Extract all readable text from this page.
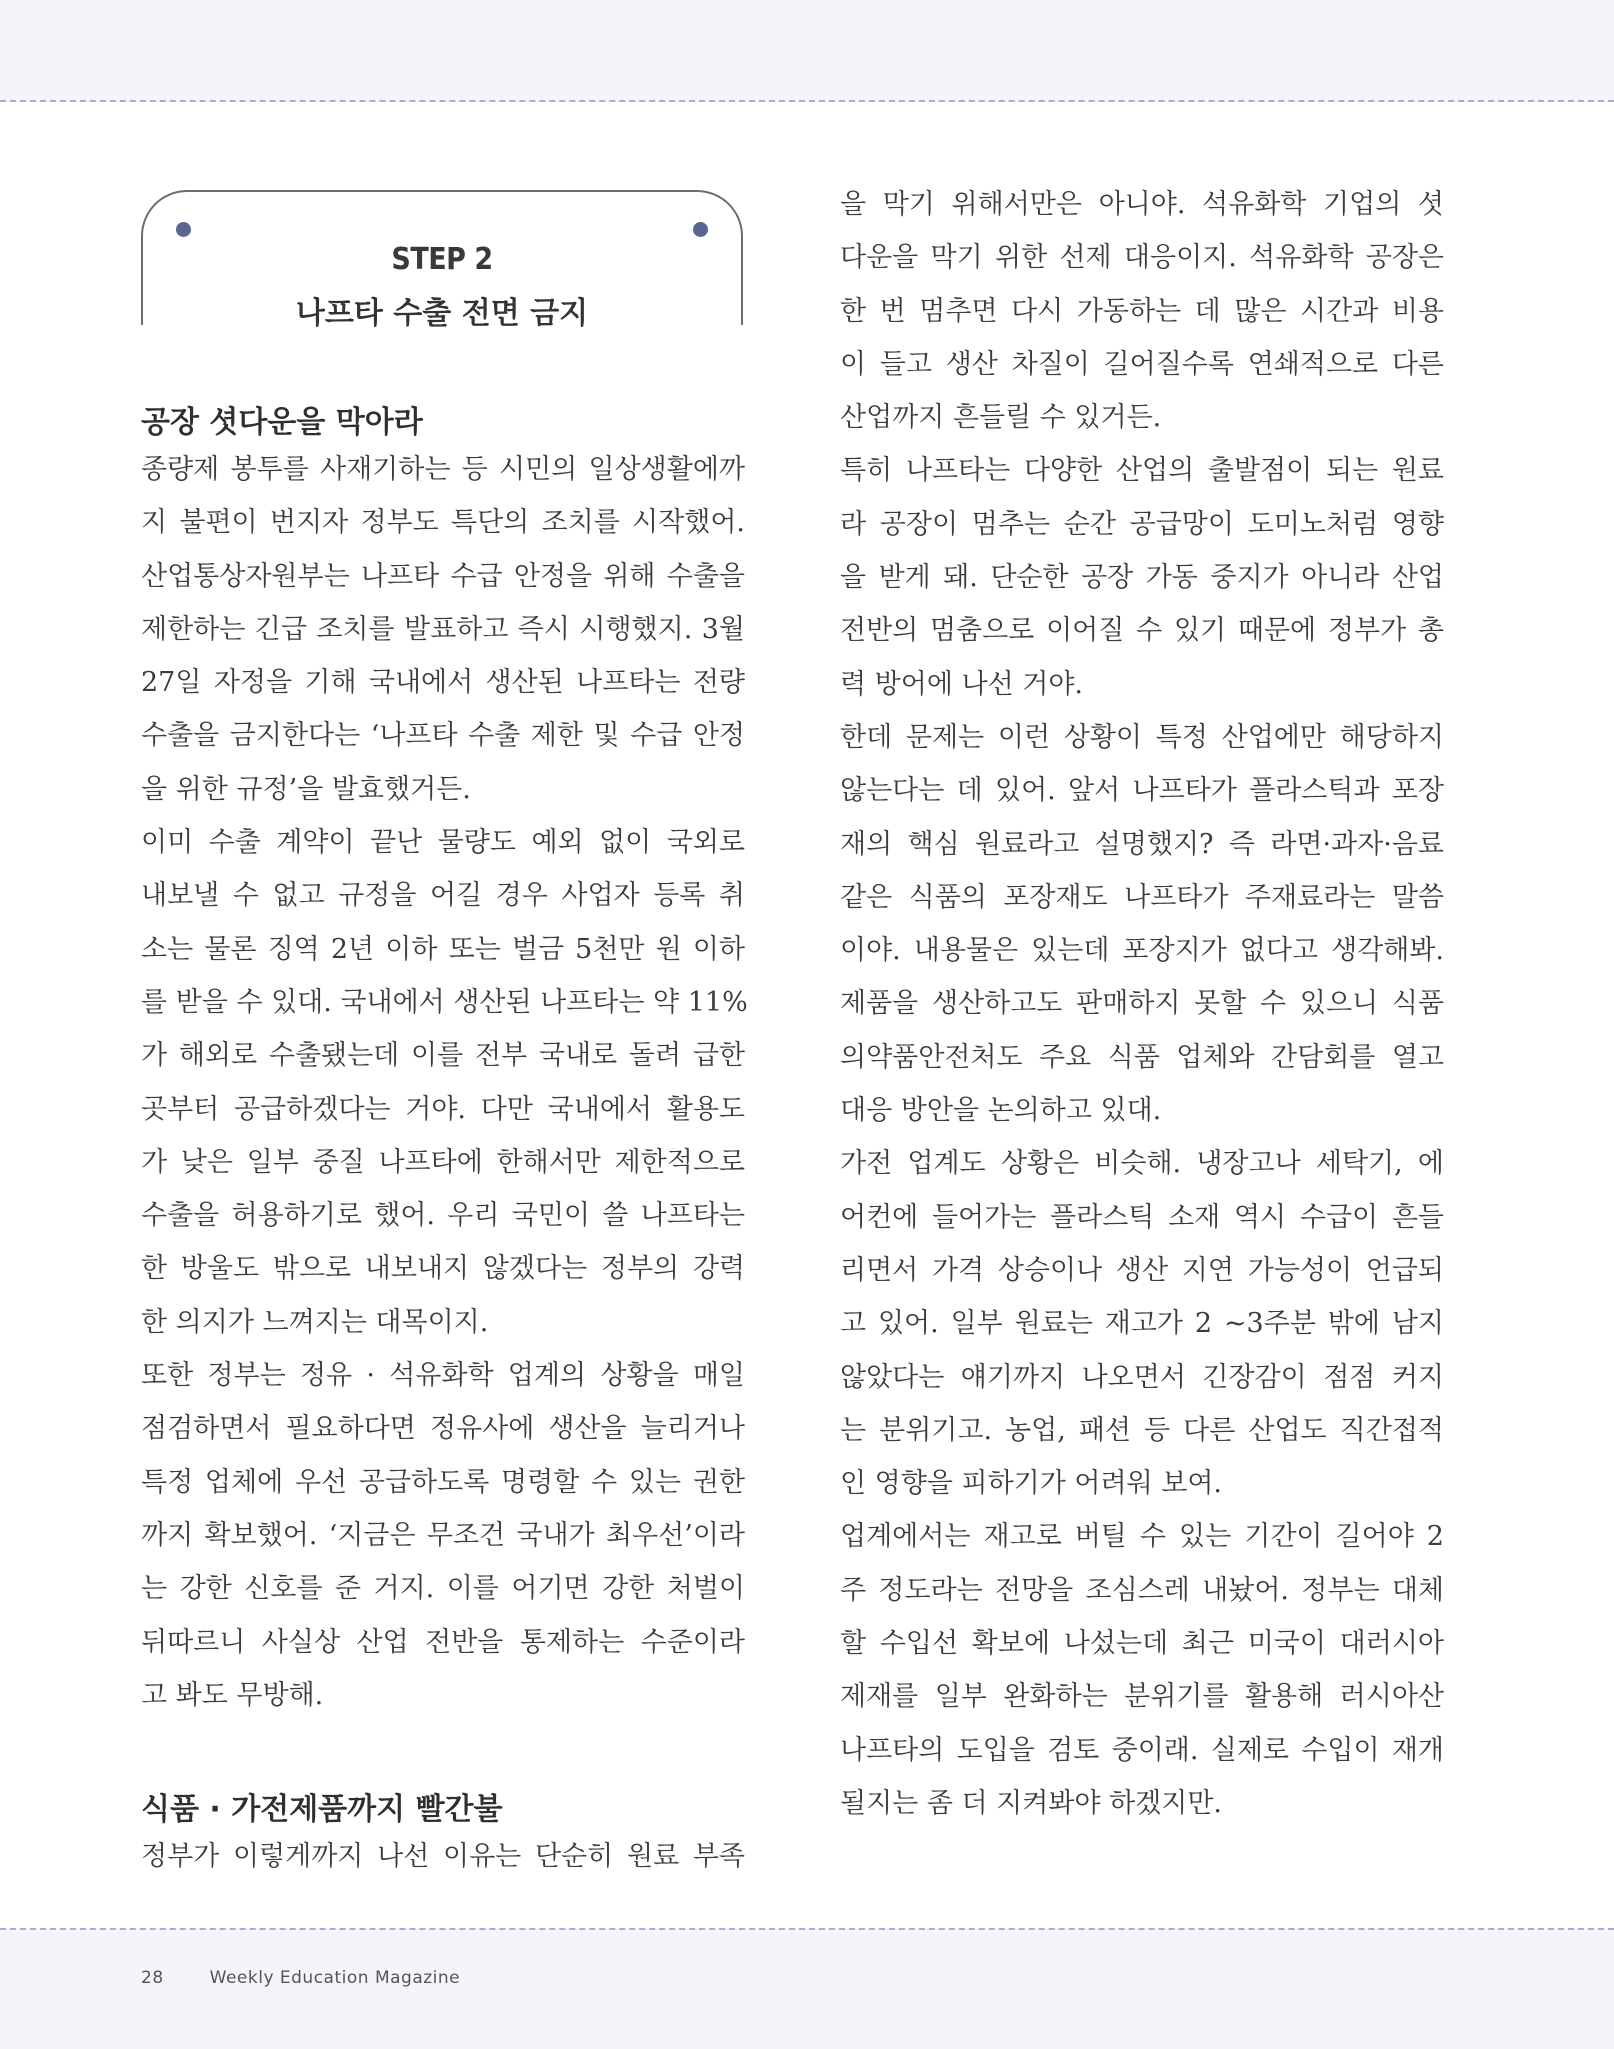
STEP 2
나프타 수출 전면 금지
공장 셧다운을 막아라
종량제 봉투를 사재기하는 등 시민의 일상생활에까
지 불편이 번지자 정부도 특단의 조치를 시작했어.
산업통상자원부는 나프타 수급 안정을 위해 수출을
제한하는 긴급 조치를 발표하고 즉시 시행했지. 3월
27일 자정을 기해 국내에서 생산된 나프타는 전량
수출을 금지한다는 ‘나프타 수출 제한 및 수급 안정
을 위한 규정’을 발효했거든.
이미 수출 계약이 끝난 물량도 예외 없이 국외로
내보낼 수 없고 규정을 어길 경우 사업자 등록 취
소는 물론 징역 2년 이하 또는 벌금 5천만 원 이하
를 받을 수 있대. 국내에서 생산된 나프타는 약 11%
가 해외로 수출됐는데 이를 전부 국내로 돌려 급한
곳부터 공급하겠다는 거야. 다만 국내에서 활용도
가 낮은 일부 중질 나프타에 한해서만 제한적으로
수출을 허용하기로 했어. 우리 국민이 쓸 나프타는
한 방울도 밖으로 내보내지 않겠다는 정부의 강력
한 의지가 느껴지는 대목이지.
또한 정부는 정유 · 석유화학 업계의 상황을 매일
점검하면서 필요하다면 정유사에 생산을 늘리거나
특정 업체에 우선 공급하도록 명령할 수 있는 권한
까지 확보했어. ‘지금은 무조건 국내가 최우선’이라
는 강한 신호를 준 거지. 이를 어기면 강한 처벌이
뒤따르니 사실상 산업 전반을 통제하는 수준이라
고 봐도 무방해.
식품 · 가전제품까지 빨간불
정부가 이렇게까지 나선 이유는 단순히 원료 부족
을 막기 위해서만은 아니야. 석유화학 기업의 셧
다운을 막기 위한 선제 대응이지. 석유화학 공장은
한 번 멈추면 다시 가동하는 데 많은 시간과 비용
이 들고 생산 차질이 길어질수록 연쇄적으로 다른
산업까지 흔들릴 수 있거든.
특히 나프타는 다양한 산업의 출발점이 되는 원료
라 공장이 멈추는 순간 공급망이 도미노처럼 영향
을 받게 돼. 단순한 공장 가동 중지가 아니라 산업
전반의 멈춤으로 이어질 수 있기 때문에 정부가 총
력 방어에 나선 거야.
한데 문제는 이런 상황이 특정 산업에만 해당하지
않는다는 데 있어. 앞서 나프타가 플라스틱과 포장
재의 핵심 원료라고 설명했지? 즉 라면·과자·음료
같은 식품의 포장재도 나프타가 주재료라는 말씀
이야. 내용물은 있는데 포장지가 없다고 생각해봐.
제품을 생산하고도 판매하지 못할 수 있으니 식품
의약품안전처도 주요 식품 업체와 간담회를 열고
대응 방안을 논의하고 있대.
가전 업계도 상황은 비슷해. 냉장고나 세탁기, 에
어컨에 들어가는 플라스틱 소재 역시 수급이 흔들
리면서 가격 상승이나 생산 지연 가능성이 언급되
고 있어. 일부 원료는 재고가 2 ~3주분 밖에 남지
않았다는 얘기까지 나오면서 긴장감이 점점 커지
는 분위기고. 농업, 패션 등 다른 산업도 직간접적
인 영향을 피하기가 어려워 보여.
업계에서는 재고로 버틸 수 있는 기간이 길어야 2
주 정도라는 전망을 조심스레 내놨어. 정부는 대체
할 수입선 확보에 나섰는데 최근 미국이 대러시아
제재를 일부 완화하는 분위기를 활용해 러시아산
나프타의 도입을 검토 중이래. 실제로 수입이 재개
될지는 좀 더 지켜봐야 하겠지만.
28	Weekly Education Magazine
